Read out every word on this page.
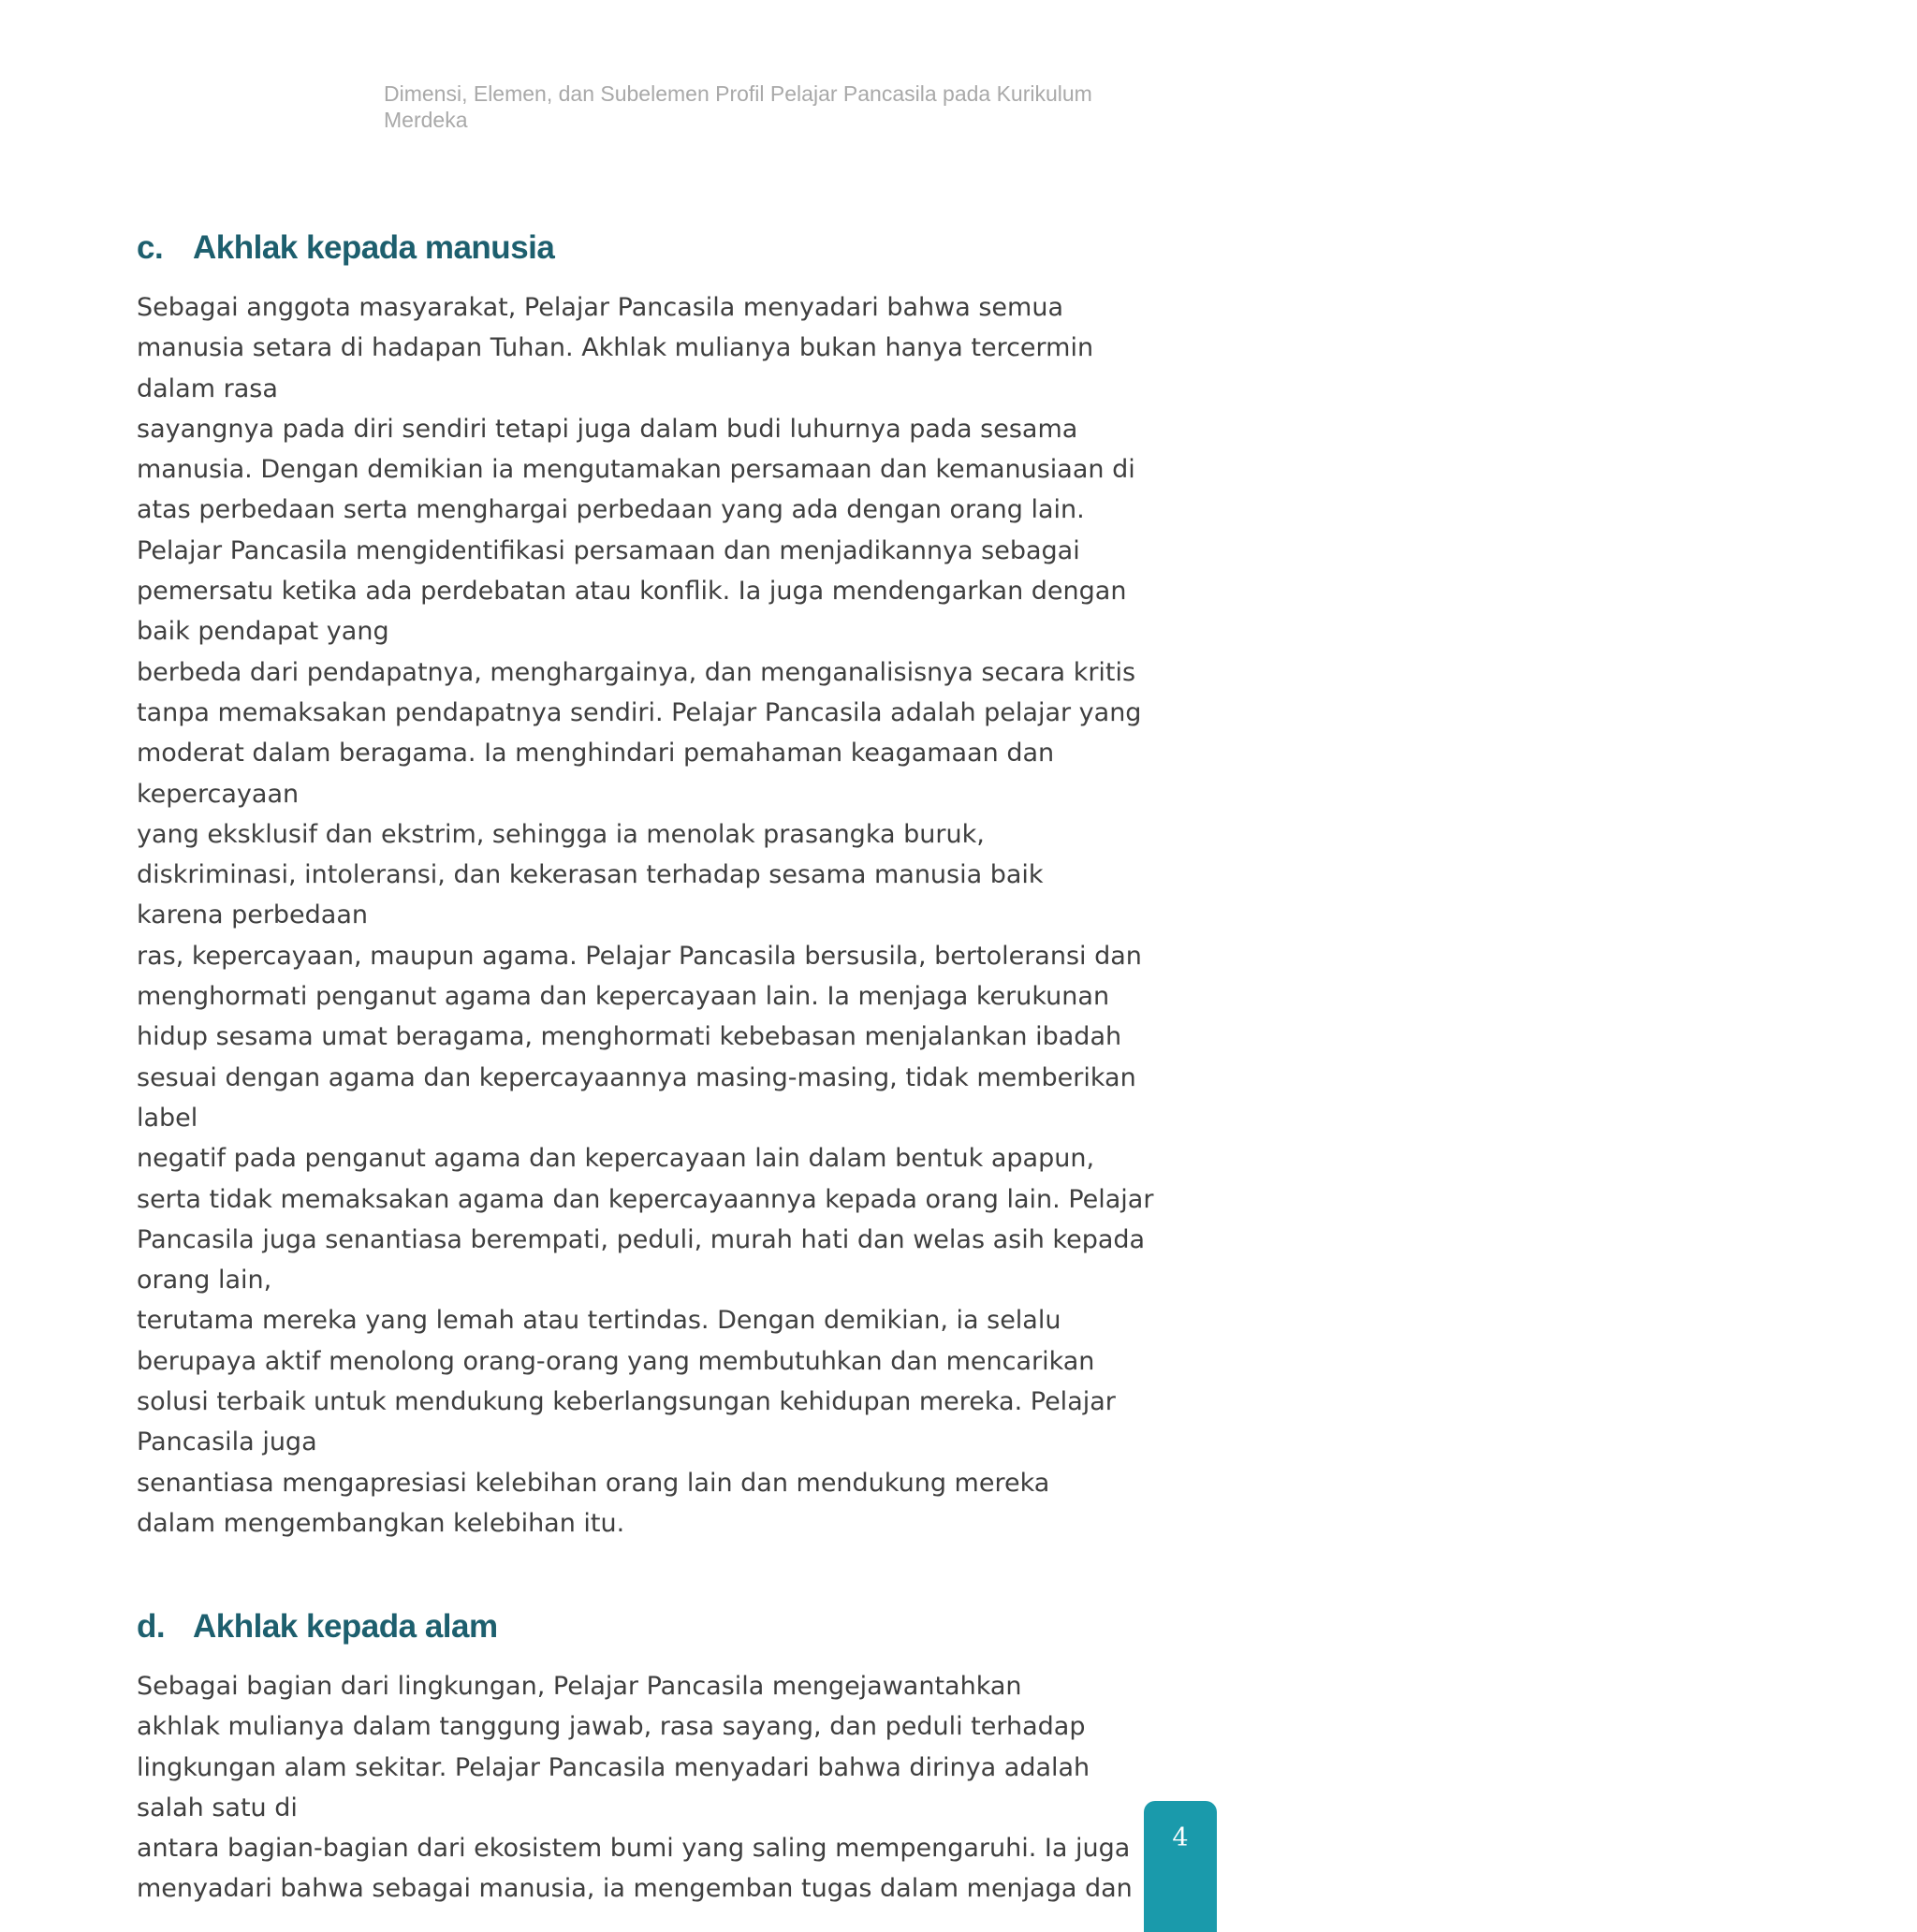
Dimensi, Elemen, dan Subelemen Profil Pelajar Pancasila pada Kurikulum
Merdeka
c. Akhlak kepada manusia
Sebagai anggota masyarakat, Pelajar Pancasila menyadari bahwa semua
manusia setara di hadapan Tuhan. Akhlak mulianya bukan hanya tercermin
dalam rasa
sayangnya pada diri sendiri tetapi juga dalam budi luhurnya pada sesama
manusia. Dengan demikian ia mengutamakan persamaan dan kemanusiaan di
atas perbedaan serta menghargai perbedaan yang ada dengan orang lain.
Pelajar Pancasila mengidentifikasi persamaan dan menjadikannya sebagai
pemersatu ketika ada perdebatan atau konflik. Ia juga mendengarkan dengan
baik pendapat yang
berbeda dari pendapatnya, menghargainya, dan menganalisisnya secara kritis
tanpa memaksakan pendapatnya sendiri. Pelajar Pancasila adalah pelajar yang
moderat dalam beragama. Ia menghindari pemahaman keagamaan dan
kepercayaan
yang eksklusif dan ekstrim, sehingga ia menolak prasangka buruk,
diskriminasi, intoleransi, dan kekerasan terhadap sesama manusia baik
karena perbedaan
ras, kepercayaan, maupun agama. Pelajar Pancasila bersusila, bertoleransi dan
menghormati penganut agama dan kepercayaan lain. Ia menjaga kerukunan
hidup sesama umat beragama, menghormati kebebasan menjalankan ibadah
sesuai dengan agama dan kepercayaannya masing-masing, tidak memberikan
label
negatif pada penganut agama dan kepercayaan lain dalam bentuk apapun,
serta tidak memaksakan agama dan kepercayaannya kepada orang lain. Pelajar
Pancasila juga senantiasa berempati, peduli, murah hati dan welas asih kepada
orang lain,
terutama mereka yang lemah atau tertindas. Dengan demikian, ia selalu
berupaya aktif menolong orang-orang yang membutuhkan dan mencarikan
solusi terbaik untuk mendukung keberlangsungan kehidupan mereka. Pelajar
Pancasila juga
senantiasa mengapresiasi kelebihan orang lain dan mendukung mereka
dalam mengembangkan kelebihan itu.
d. Akhlak kepada alam
4
Sebagai bagian dari lingkungan, Pelajar Pancasila mengejawantahkan
akhlak mulianya dalam tanggung jawab, rasa sayang, dan peduli terhadap
lingkungan alam sekitar. Pelajar Pancasila menyadari bahwa dirinya adalah
salah satu di
antara bagian-bagian dari ekosistem bumi yang saling mempengaruhi. Ia juga
menyadari bahwa sebagai manusia, ia mengemban tugas dalam menjaga dan
